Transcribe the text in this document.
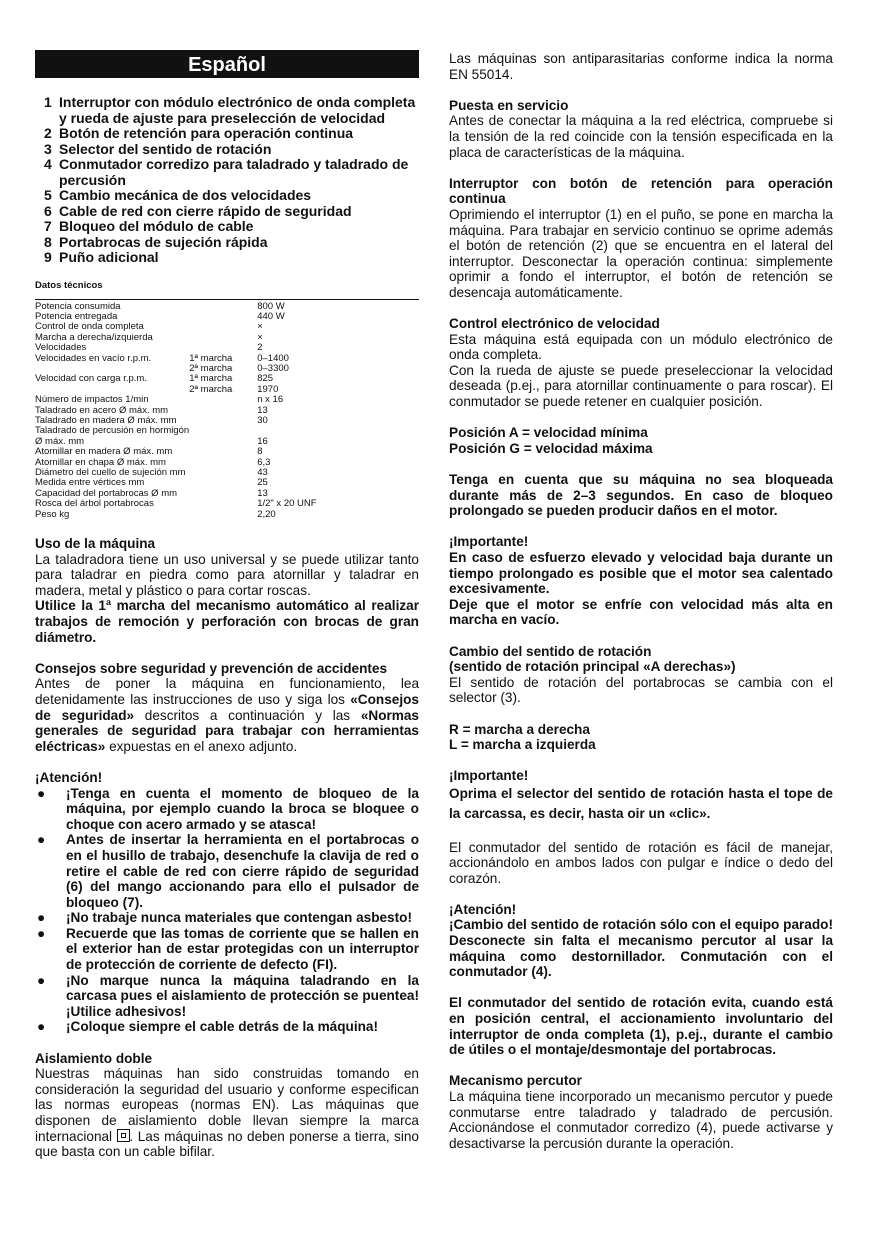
Español
1 Interruptor con módulo electrónico de onda completa y rueda de ajuste para preselección de velocidad
2 Botón de retención para operación continua
3 Selector del sentido de rotación
4 Conmutador corredizo para taladrado y taladrado de percusión
5 Cambio mecánica de dos velocidades
6 Cable de red con cierre rápido de seguridad
7 Bloqueo del módulo de cable
8 Portabrocas de sujeción rápida
9 Puño adicional
Datos técnicos
Potencia consumida		800 W
Potencia entregada		440 W
Control de onda completa		×
Marcha a derecha/izquierda		×
Velocidades		2
Velocidades en vacío r.p.m.	1ª marcha	0–1400
	2ª marcha	0–3300
Velocidad con carga r.p.m.	1ª marcha	825
	2ª marcha	1970
Número de impactos 1/min		n x 16
Taladrado en acero Ø máx. mm		13
Taladrado en madera Ø máx. mm		30
Taladrado de percusión en hormigón		
Ø máx. mm		16
Atornillar en madera Ø máx. mm		8
Atornillar en chapa Ø máx. mm		6,3
Diámetro del cuello de sujeción mm		43
Medida entre vértices mm		25
Capacidad del portabrocas Ø mm		13
Rosca del árbol portabrocas		1/2" x 20 UNF
Peso kg		2,20
Uso de la máquina

La taladradora tiene un uso universal y se puede utilizar tanto para taladrar en piedra como para atornillar y taladrar en madera, metal y plástico o para cortar roscas.

Utilice la 1ª marcha del mecanismo automático al realizar trabajos de remoción y perforación con brocas de gran diámetro.

Consejos sobre seguridad y prevención de accidentes

Antes de poner la máquina en funcionamiento, lea detenidamente las instrucciones de uso y siga los «Consejos de seguridad» descritos a continuación y las «Normas generales de seguridad para trabajar con herramientas eléctricas» expuestas en el anexo adjunto.

¡Atención!
● ¡Tenga en cuenta el momento de bloqueo de la máquina, por ejemplo cuando la broca se bloquee o choque con acero armado y se atasca!
● Antes de insertar la herramienta en el portabrocas o en el husillo de trabajo, desenchufe la clavija de red o retire el cable de red con cierre rápido de seguridad (6) del mango accionando para ello el pulsador de bloqueo (7).
● ¡No trabaje nunca materiales que contengan asbesto!
● Recuerde que las tomas de corriente que se hallen en el exterior han de estar protegidas con un interruptor de protección de corriente de defecto (FI).
● ¡No marque nunca la máquina taladrando en la carcasa pues el aislamiento de protección se puentea! ¡Utilice adhesivos!
● ¡Coloque siempre el cable detrás de la máquina!
Aislamiento doble

Nuestras máquinas han sido construidas tomando en consideración la seguridad del usuario y conforme especifican las normas europeas (normas EN). Las máquinas que disponen de aislamiento doble llevan siempre la marca internacional . Las máquinas no deben ponerse a tierra, sino que basta con un cable bifilar.

Las máquinas son antiparasitarias conforme indica la norma EN 55014.

Puesta en servicio

Antes de conectar la máquina a la red eléctrica, compruebe si la tensión de la red coincide con la tensión especificada en la placa de características de la máquina.

Interruptor con botón de retención para operación continua

Oprimiendo el interruptor (1) en el puño, se pone en marcha la máquina. Para trabajar en servicio continuo se oprime además el botón de retención (2) que se encuentra en el lateral del interruptor. Desconectar la operación continua: simplemente oprimir a fondo el interruptor, el botón de retención se desencaja automáticamente.

Control electrónico de velocidad

Esta máquina está equipada con un módulo electrónico de onda completa.

Con la rueda de ajuste se puede preseleccionar la velocidad deseada (p.ej., para atornillar continuamente o para roscar). El conmutador se puede retener en cualquier posición.

Posición A = velocidad mínima

Posición G = velocidad máxima

Tenga en cuenta que su máquina no sea bloqueada durante más de 2–3 segundos. En caso de bloqueo prolongado se pueden producir daños en el motor.

¡Importante!

En caso de esfuerzo elevado y velocidad baja durante un tiempo prolongado es posible que el motor sea calentado excesivamente.

Deje que el motor se enfríe con velocidad más alta en marcha en vacío.

Cambio del sentido de rotación
(sentido de rotación principal «A derechas»)

El sentido de rotación del portabrocas se cambia con el selector (3).

R = marcha a derecha

L = marcha a izquierda

¡Importante!

Oprima el selector del sentido de rotación hasta el tope de la carcassa, es decir, hasta oir un «clic».

El conmutador del sentido de rotación es fácil de manejar, accionándolo en ambos lados con pulgar e índice o dedo del corazón.

¡Atención!

¡Cambio del sentido de rotación sólo con el equipo parado! Desconecte sin falta el mecanismo percutor al usar la máquina como destornillador. Conmutación con el conmutador (4).

El conmutador del sentido de rotación evita, cuando está en posición central, el accionamiento involuntario del interruptor de onda completa (1), p.ej., durante el cambio de útiles o el montaje/desmontaje del portabrocas.

Mecanismo percutor

La máquina tiene incorporado un mecanismo percutor y puede conmutarse entre taladrado y taladrado de percusión. Accionándose el conmutador corredizo (4), puede activarse y desactivarse la percusión durante la operación.
